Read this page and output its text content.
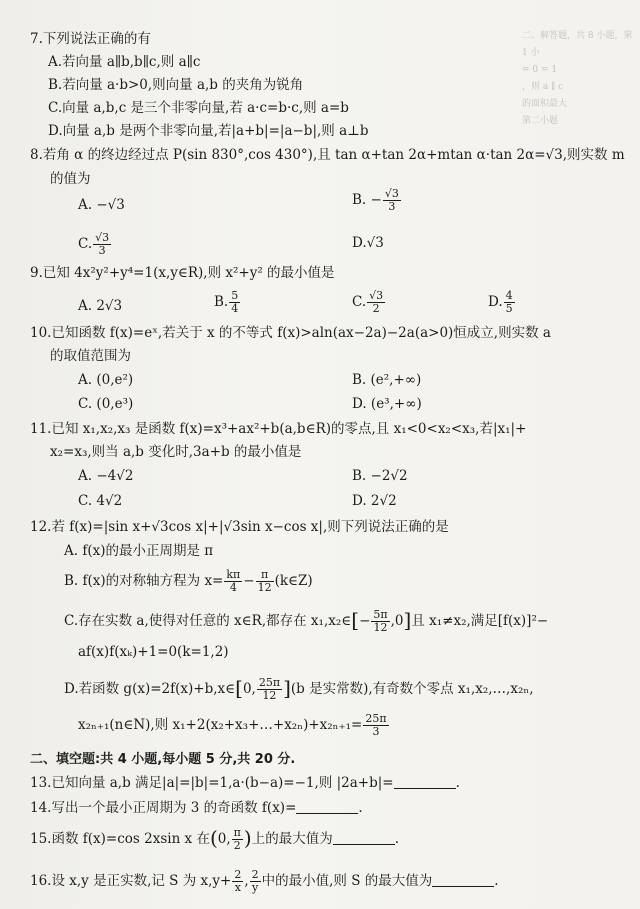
二、解答题，共 8 小题，第 1 小
= 0 = 1
，则 a ∥ c
的面积最大
第二小题
7.下列说法正确的有
A.若向量 a∥b,b∥c,则 a∥c
B.若向量 a·b>0,则向量 a,b 的夹角为锐角
C.向量 a,b,c 是三个非零向量,若 a·c=b·c,则 a=b
D.向量 a,b 是两个非零向量,若|a+b|=|a−b|,则 a⊥b
8.若角 α 的终边经过点 P(sin 830°,cos 430°),且 tan α+tan 2α+mtan α·tan 2α=√3,则实数 m
的值为
A. −√3	B. − $\frac{√3}{3}$
C. $\frac{√3}{3}$	D.√3
9.已知 4x²y²+y⁴=1(x,y∈R),则 x²+y² 的最小值是
A. 2√3	B. $\frac{5}{4}$	C. $\frac{√3}{2}$	D. $\frac{4}{5}$
10.已知函数 f(x)=eˣ,若关于 x 的不等式 f(x)>aln(ax−2a)−2a(a>0)恒成立,则实数 a
的取值范围为
A. (0,e²)	B. (e²,+∞)
C. (0,e³)	D. (e³,+∞)
11.已知 x₁,x₂,x₃ 是函数 f(x)=x³+ax²+b(a,b∈R)的零点,且 x₁<0<x₂<x₃,若|x₁|+
x₂=x₃,则当 a,b 变化时,3a+b 的最小值是
A. −4√2	B. −2√2
C. 4√2	D. 2√2
12.若 f(x)=|sin x+√3cos x|+|√3sin x−cos x|,则下列说法正确的是
A. f(x)的最小正周期是 π
B. f(x)的对称轴方程为 $x= \frac{k\pi}{4} - \frac{\pi}{12}$ (k∈Z)
C.存在实数 a,使得对任意的 x∈R,都存在 x₁,x₂∈[− $\frac{5\pi}{12} ,0$]且 x₁≠x₂,满足[f(x)]²−
af(x)f(xₖ)+1=0(k=1,2)
D.若函数 g(x)=2f(x)+b,x∈[0, $\frac{25\pi}{12} ](b$ 是实常数),有奇数个零点 x₁,x₂,…,x₂ₙ,
x₂ₙ₊₁(n∈N),则 x₁+2(x₂+x₃+…+x₂ₙ)+x₂ₙ₊₁= $\frac{25\pi}{3}$
二、填空题:共 4 小题,每小题 5 分,共 20 分.
13.已知向量 a,b 满足|a|=|b|=1,a·(b−a)=−1,则 |2a+b|=	.
14.写出一个最小正周期为 3 的奇函数 f(x)=	.
15.函数 f(x)=cos 2xsin x 在(0, $\frac{\pi}{2}$ )上的最大值为	.
16.设 x,y 是正实数,记 S 为 $x,y+ \frac{2}{x}$ , $\frac{2}{y}$ 中的最小值,则 S 的最大值为	.
